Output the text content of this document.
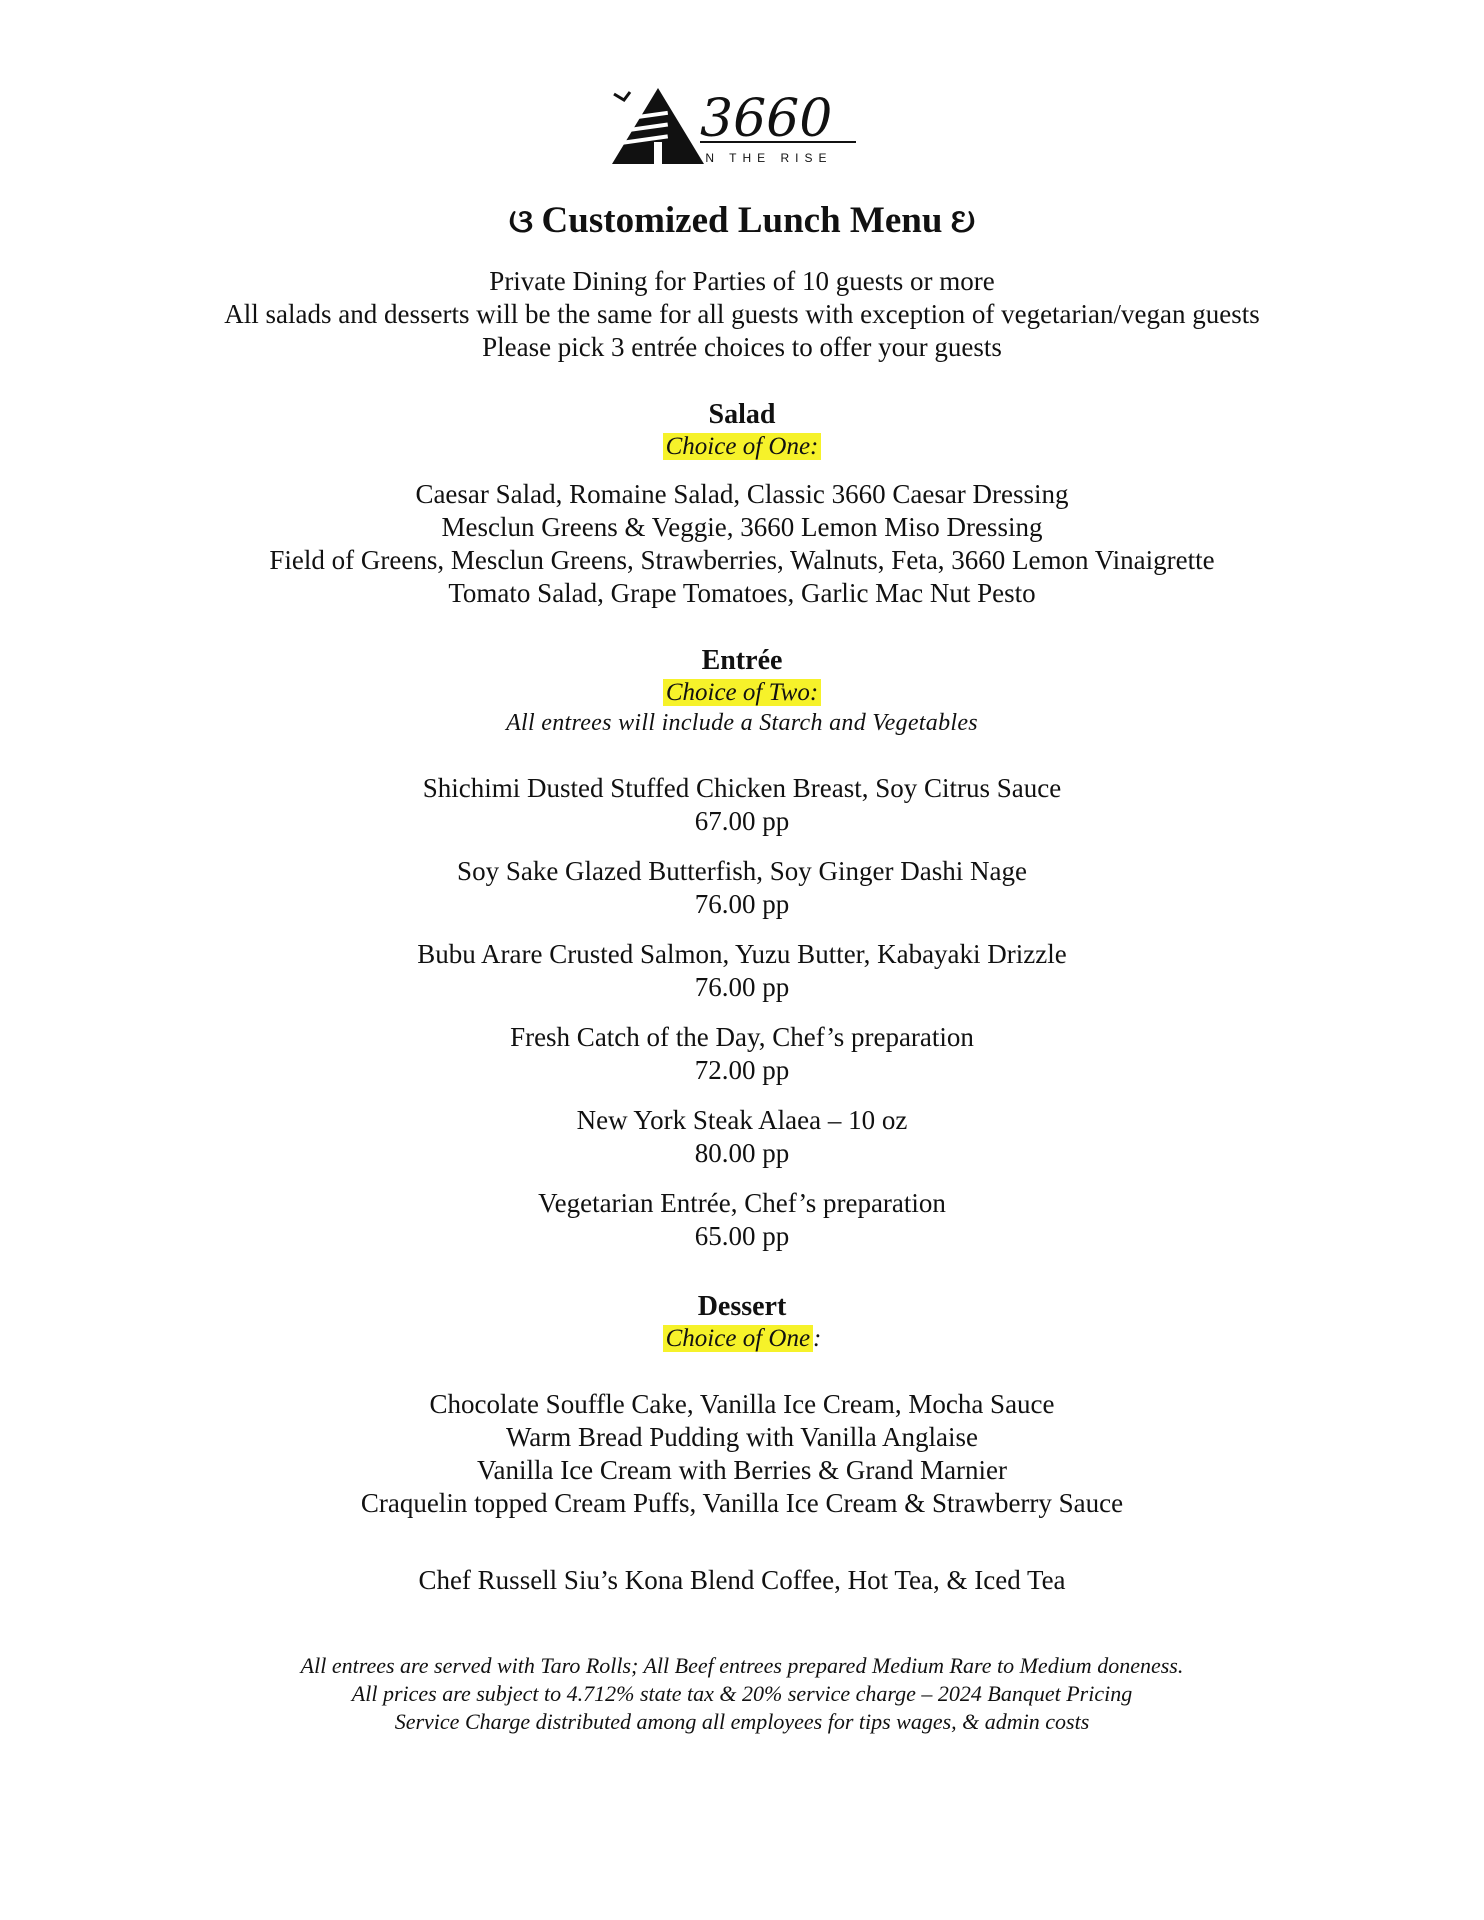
3660
ON THE RISE
ଓ Customized Lunch Menu ଓ
Private Dining for Parties of 10 guests or more
All salads and desserts will be the same for all guests with exception of vegetarian/vegan guests
Please pick 3 entrée choices to offer your guests
Salad
Choice of One:
Caesar Salad, Romaine Salad, Classic 3660 Caesar Dressing
Mesclun Greens & Veggie, 3660 Lemon Miso Dressing
Field of Greens, Mesclun Greens, Strawberries, Walnuts, Feta, 3660 Lemon Vinaigrette
Tomato Salad, Grape Tomatoes, Garlic Mac Nut Pesto
Entrée
Choice of Two:
All entrees will include a Starch and Vegetables
Shichimi Dusted Stuffed Chicken Breast, Soy Citrus Sauce
67.00 pp
Soy Sake Glazed Butterfish, Soy Ginger Dashi Nage
76.00 pp
Bubu Arare Crusted Salmon, Yuzu Butter, Kabayaki Drizzle
76.00 pp
Fresh Catch of the Day, Chef’s preparation
72.00 pp
New York Steak Alaea – 10 oz
80.00 pp
Vegetarian Entrée, Chef’s preparation
65.00 pp
Dessert
Choice of One :
Chocolate Souffle Cake, Vanilla Ice Cream, Mocha Sauce
Warm Bread Pudding with Vanilla Anglaise
Vanilla Ice Cream with Berries & Grand Marnier
Craquelin topped Cream Puffs, Vanilla Ice Cream & Strawberry Sauce
Chef Russell Siu’s Kona Blend Coffee, Hot Tea, & Iced Tea
All entrees are served with Taro Rolls; All Beef entrees prepared Medium Rare to Medium doneness.
All prices are subject to 4.712% state tax & 20% service charge – 2024 Banquet Pricing
Service Charge distributed among all employees for tips wages, & admin costs
